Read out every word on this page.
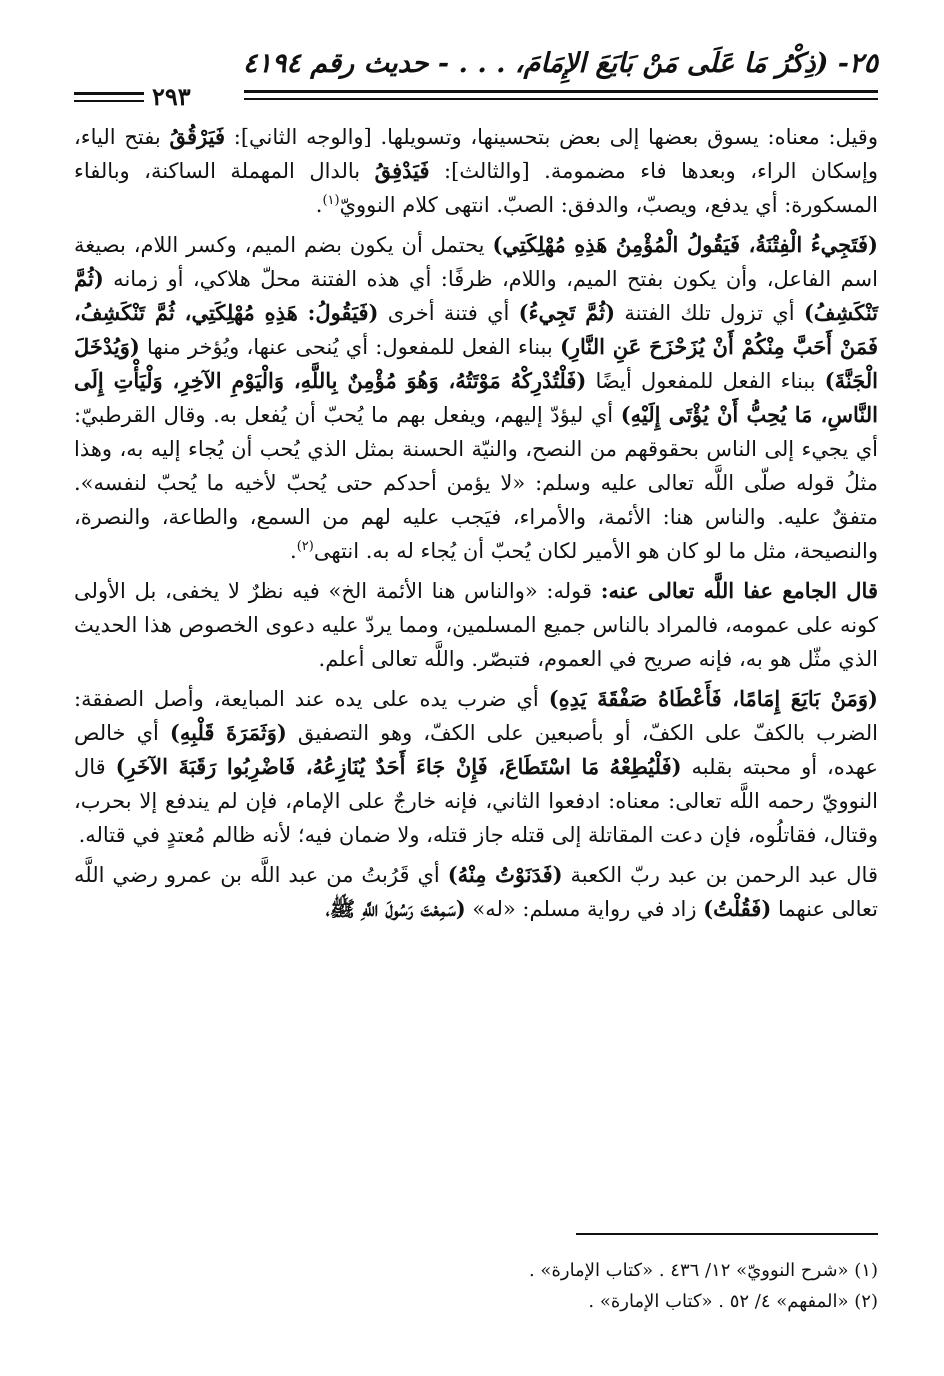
٢٥- (ذِكْرُ مَا عَلَى مَنْ بَايَعَ الإِمَامَ، . . . - حديث رقم ٤١٩٤
٢٩٣

وقيل: معناه: يسوق بعضها إلى بعض بتحسينها، وتسويلها. [والوجه الثاني]: فَيَرْقُقُ بفتح الياء، وإسكان الراء، وبعدها فاء مضمومة. [والثالث]: فَيَدْفِقُ بالدال المهملة الساكنة، وبالفاء المسكورة: أي يدفع، ويصبّ، والدفق: الصبّ. انتهى كلام النوويّ$^{(١)}$.

(فَتَجِيءُ الْفِتْنَةُ، فَيَقُولُ الْمُؤْمِنُ هَذِهِ مُهْلِكَتِي) يحتمل أن يكون بضم الميم، وكسر اللام، بصيغة اسم الفاعل، وأن يكون بفتح الميم، واللام، ظرفًا: أي هذه الفتنة محلّ هلاكي، أو زمانه (ثُمَّ تَنْكَشِفُ) أي تزول تلك الفتنة (ثُمَّ تَجِيءُ) أي فتنة أخرى (فَيَقُولُ: هَذِهِ مُهْلِكَتِي، ثُمَّ تَنْكَشِفُ، فَمَنْ أَحَبَّ مِنْكُمْ أَنْ يُزَحْزَحَ عَنِ النَّارِ) ببناء الفعل للمفعول: أي يُنحى عنها، ويُؤخر منها (وَيُدْخَلَ الْجَنَّةَ) ببناء الفعل للمفعول أيضًا (فَلْتُدْرِكْهُ مَوْتَتُهُ، وَهُوَ مُؤْمِنٌ بِاللَّهِ، وَالْيَوْمِ الآخِرِ، وَلْيَأْتِ إِلَى النَّاسِ، مَا يُحِبُّ أَنْ يُؤْتَى إِلَيْهِ) أي ليؤدّ إليهم، ويفعل بهم ما يُحبّ أن يُفعل به. وقال القرطبيّ: أي يجيء إلى الناس بحقوقهم من النصح، والنيّة الحسنة بمثل الذي يُحب أن يُجاء إليه به، وهذا مثلُ قوله صلّى اللَّه تعالى عليه وسلم: «لا يؤمن أحدكم حتى يُحبّ لأخيه ما يُحبّ لنفسه». متفقٌ عليه. والناس هنا: الأئمة، والأمراء، فيَجب عليه لهم من السمع، والطاعة، والنصرة، والنصيحة، مثل ما لو كان هو الأمير لكان يُحبّ أن يُجاء له به. انتهى$^{(٢)}$.

قال الجامع عفا اللَّه تعالى عنه: قوله: «والناس هنا الأئمة الخ» فيه نظرٌ لا يخفى، بل الأولى كونه على عمومه، فالمراد بالناس جميع المسلمين، ومما يردّ عليه دعوى الخصوص هذا الحديث الذي مثّل هو به، فإنه صريح في العموم، فتبصّر. واللَّه تعالى أعلم.

(وَمَنْ بَايَعَ إِمَامًا، فَأَعْطَاهُ صَفْقَةَ يَدِهِ) أي ضرب يده على يده عند المبايعة، وأصل الصفقة: الضرب بالكفّ على الكفّ، أو بأصبعين على الكفّ، وهو التصفيق (وَثَمَرَةَ قَلْبِهِ) أي خالص عهده، أو محبته بقلبه (فَلْيُطِعْهُ مَا اسْتَطَاعَ، فَإِنْ جَاءَ أَحَدٌ يُنَازِعُهُ، فَاضْرِبُوا رَقَبَةَ الآخَرِ) قال النوويّ رحمه اللَّه تعالى: معناه: ادفعوا الثاني، فإنه خارجٌ على الإمام، فإن لم يندفع إلا بحرب، وقتال، فقاتلُوه، فإن دعت المقاتلة إلى قتله جاز قتله، ولا ضمان فيه؛ لأنه ظالم مُعتدٍ في قتاله.

قال عبد الرحمن بن عبد ربّ الكعبة (فَدَنَوْتُ مِنْهُ) أي قَرُبتُ من عبد اللَّه بن عمرو رضي اللَّه تعالى عنهما (فَقُلْتُ) زاد في رواية مسلم: «له» (سَمِعْتَ رَسُولَ اللَّهِ ﷺ،

(١) «شرح النوويّ» ١٢/ ٤٣٦ . «كتاب الإمارة» .
(٢) «المفهم» ٤/ ٥٢ . «كتاب الإمارة» .
